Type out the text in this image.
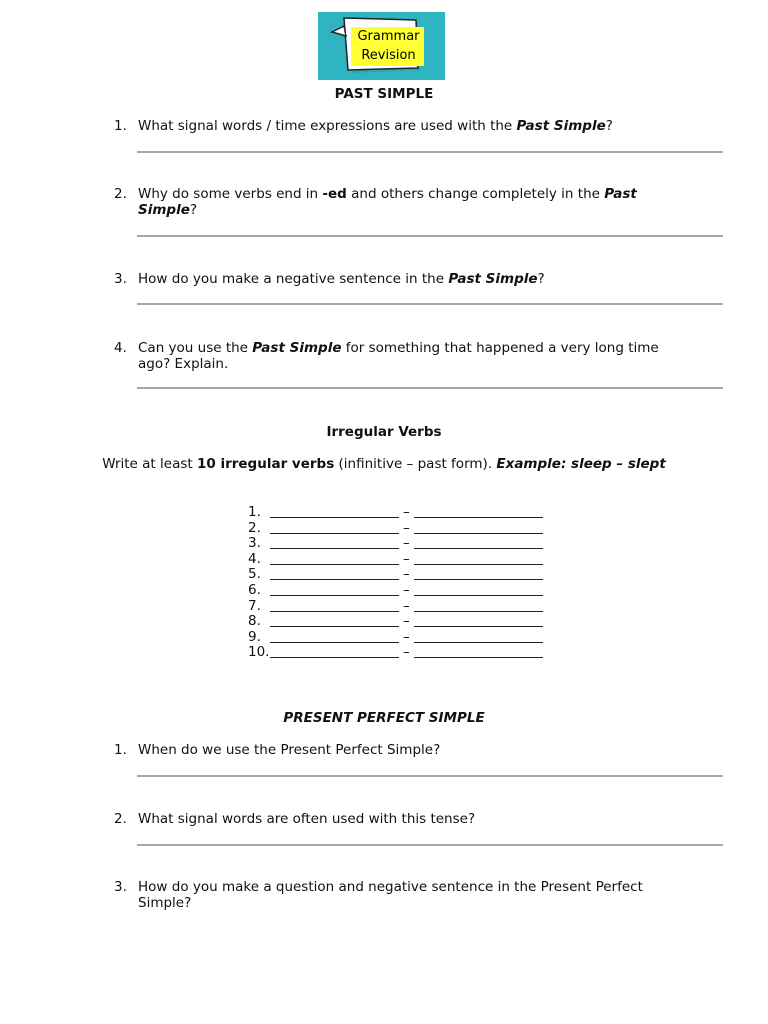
Grammar
Revision
PAST SIMPLE
1. What signal words / time expressions are used with the Past Simple?
2. Why do some verbs end in -ed and others change completely in the Past Simple?
3. How do you make a negative sentence in the Past Simple?
4. Can you use the Past Simple for something that happened a very long time ago? Explain.
Irregular Verbs
Write at least 10 irregular verbs (infinitive – past form). Example: sleep – slept
1.	–
2.	–
3.	–
4.	–
5.	–
6.	–
7.	–
8.	–
9.	–
10.	–
PRESENT PERFECT SIMPLE
1. When do we use the Present Perfect Simple?
2. What signal words are often used with this tense?
3. How do you make a question and negative sentence in the Present Perfect Simple?
